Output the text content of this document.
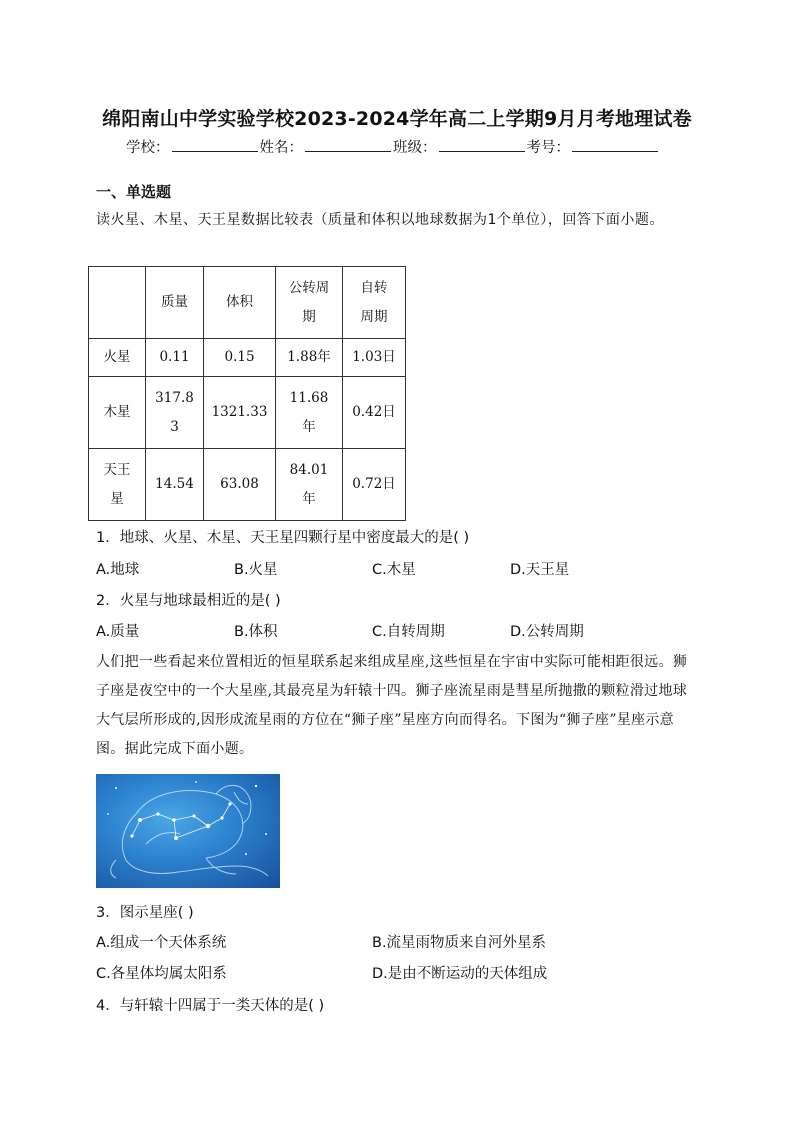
绵阳南山中学实验学校2023-2024学年高二上学期9月月考地理试卷
学校：	姓名：	班级：	考号：
一、单选题
读火星、木星、天王星数据比较表（质量和体积以地球数据为1个单位），回答下面小题。

	质量	体积	公转周期	自转周期

火星	0.11	0.15	1.88年	1.03日
木星	317.83	1321.33	11.68年	0.42日

天王星	14.54	63.08	84.01年	0.72日
1．地球、火星、木星、天王星四颗行星中密度最大的是( )
A.地球	B.火星	C.木星	D.天王星
2．火星与地球最相近的是( )
A.质量	B.体积	C.自转周期	D.公转周期
人们把一些看起来位置相近的恒星联系起来组成星座,这些恒星在宇宙中实际可能相距很远。狮子座是夜空中的一个大星座,其最亮星为轩辕十四。狮子座流星雨是彗星所抛撒的颗粒滑过地球大气层所形成的,因形成流星雨的方位在“狮子座”星座方向而得名。下图为“狮子座”星座示意图。据此完成下面小题。
3．图示星座( )
A.组成一个天体系统	B.流星雨物质来自河外星系
C.各星体均属太阳系	D.是由不断运动的天体组成
4．与轩辕十四属于一类天体的是( )
